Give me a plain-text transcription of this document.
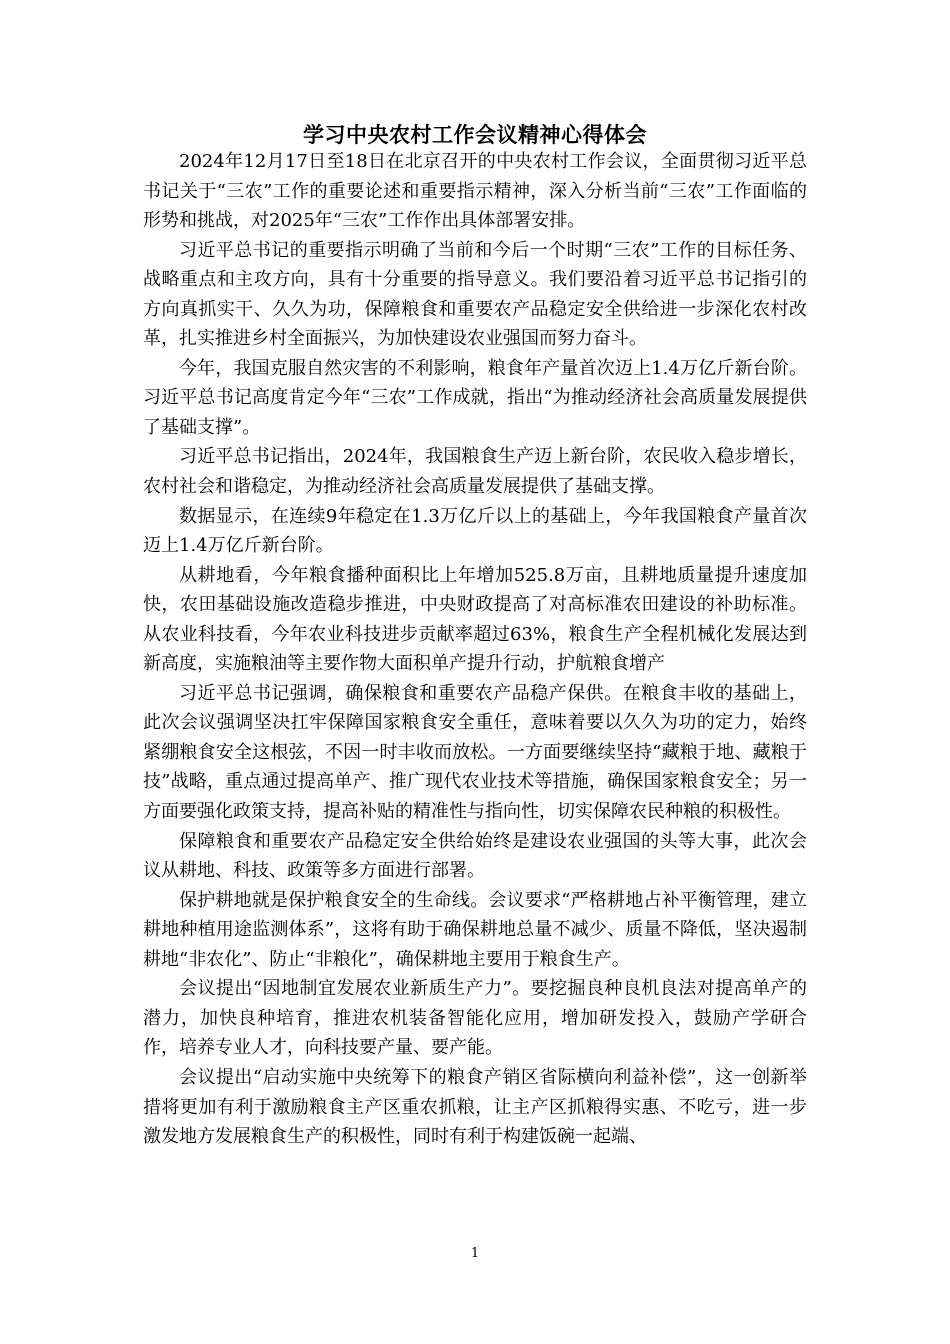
学习中央农村工作会议精神心得体会

2024年12月17日至18日在北京召开的中央农村工作会议，全面贯彻习近平总书记关于“三农”工作的重要论述和重要指示精神，深入分析当前“三农”工作面临的形势和挑战，对2025年“三农”工作作出具体部署安排。

习近平总书记的重要指示明确了当前和今后一个时期“三农”工作的目标任务、战略重点和主攻方向，具有十分重要的指导意义。我们要沿着习近平总书记指引的方向真抓实干、久久为功，保障粮食和重要农产品稳定安全供给进一步深化农村改革，扎实推进乡村全面振兴，为加快建设农业强国而努力奋斗。

今年，我国克服自然灾害的不利影响，粮食年产量首次迈上1.4万亿斤新台阶。习近平总书记高度肯定今年“三农”工作成就，指出“为推动经济社会高质量发展提供了基础支撑”。

习近平总书记指出，2024年，我国粮食生产迈上新台阶，农民收入稳步增长，农村社会和谐稳定，为推动经济社会高质量发展提供了基础支撑。

数据显示，在连续9年稳定在1.3万亿斤以上的基础上，今年我国粮食产量首次迈上1.4万亿斤新台阶。

从耕地看，今年粮食播种面积比上年增加525.8万亩，且耕地质量提升速度加快，农田基础设施改造稳步推进，中央财政提高了对高标准农田建设的补助标准。从农业科技看，今年农业科技进步贡献率超过63%，粮食生产全程机械化发展达到新高度，实施粮油等主要作物大面积单产提升行动，护航粮食增产

习近平总书记强调，确保粮食和重要农产品稳产保供。在粮食丰收的基础上，此次会议强调坚决扛牢保障国家粮食安全重任，意味着要以久久为功的定力，始终紧绷粮食安全这根弦，不因一时丰收而放松。一方面要继续坚持“藏粮于地、藏粮于技”战略，重点通过提高单产、推广现代农业技术等措施，确保国家粮食安全；另一方面要强化政策支持，提高补贴的精准性与指向性，切实保障农民种粮的积极性。

保障粮食和重要农产品稳定安全供给始终是建设农业强国的头等大事，此次会议从耕地、科技、政策等多方面进行部署。

保护耕地就是保护粮食安全的生命线。会议要求“严格耕地占补平衡管理，建立耕地种植用途监测体系”，这将有助于确保耕地总量不减少、质量不降低，坚决遏制耕地“非农化”、防止“非粮化”，确保耕地主要用于粮食生产。

会议提出“因地制宜发展农业新质生产力”。要挖掘良种良机良法对提高单产的潜力，加快良种培育，推进农机装备智能化应用，增加研发投入，鼓励产学研合作，培养专业人才，向科技要产量、要产能。

会议提出“启动实施中央统筹下的粮食产销区省际横向利益补偿”，这一创新举措将更加有利于激励粮食主产区重农抓粮，让主产区抓粮得实惠、不吃亏，进一步激发地方发展粮食生产的积极性，同时有利于构建饭碗一起端、

1
